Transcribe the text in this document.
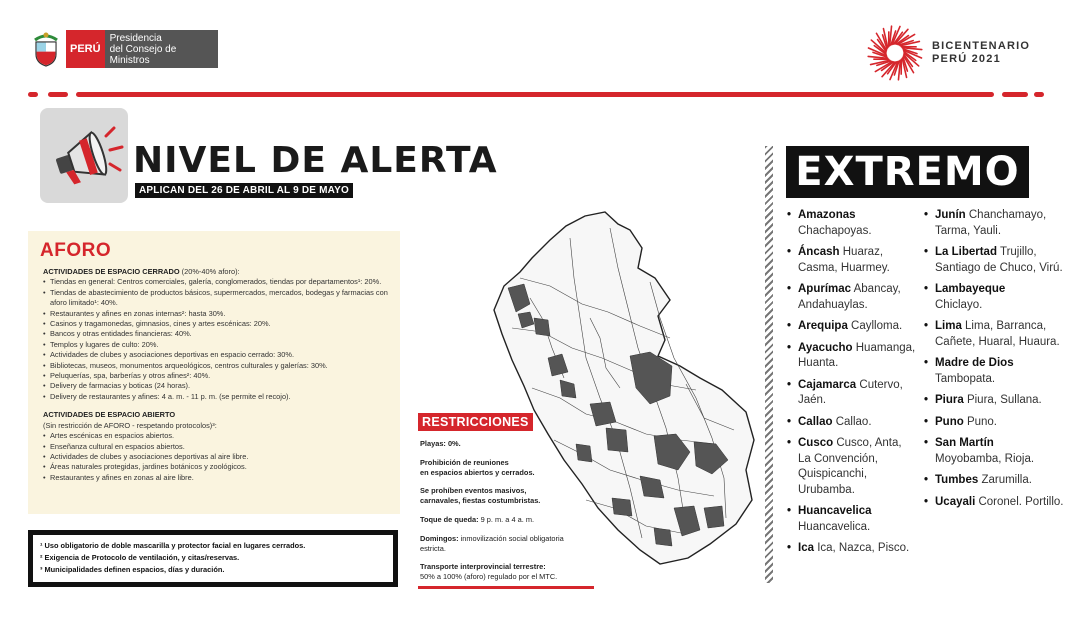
PERÚ
Presidencia
del Consejo de Ministros
BICENTENARIO
PERÚ 2021
NIVEL DE ALERTA
APLICAN DEL 26 DE ABRIL AL 9 DE MAYO
AFORO
ACTIVIDADES DE ESPACIO CERRADO (20%-40% aforo):
• Tiendas en general: Centros comerciales, galería, conglomerados, tiendas por departamentos¹: 20%.
• Tiendas de abastecimiento de productos básicos, supermercados, mercados, bodegas y farmacias con aforo limitado¹: 40%.
• Restaurantes y afines en zonas internas²: hasta 30%.
• Casinos y tragamonedas, gimnasios, cines y artes escénicas: 20%.
• Bancos y otras entidades financieras: 40%.
• Templos y lugares de culto: 20%.
• Actividades de clubes y asociaciones deportivas en espacio cerrado: 30%.
• Bibliotecas, museos, monumentos arqueológicos, centros culturales y galerías: 30%.
• Peluquerías, spa, barberías y otros afines²: 40%.
• Delivery de farmacias y boticas (24 horas).
• Delivery de restaurantes y afines: 4 a. m. - 11 p. m. (se permite el recojo).
ACTIVIDADES DE ESPACIO ABIERTO
(Sin restricción de AFORO - respetando protocolos)³:
• Artes escénicas en espacios abiertos.
• Enseñanza cultural en espacios abiertos.
• Actividades de clubes y asociaciones deportivas al aire libre.
• Áreas naturales protegidas, jardines botánicos y zoológicos.
• Restaurantes y afines en zonas al aire libre.
¹ Uso obligatorio de doble mascarilla y protector facial en lugares cerrados.
² Exigencia de Protocolo de ventilación, y citas/reservas.
³ Municipalidades definen espacios, días y duración.
RESTRICCIONES
Playas: 0%.
Prohibición de reuniones
en espacios abiertos y cerrados.
Se prohíben eventos masivos,
carnavales, fiestas costumbristas.
Toque de queda: 9 p. m. a 4 a. m.
Domingos: inmovilización social obligatoria estricta.
Transporte interprovincial terrestre:
50% a 100% (aforo) regulado por el MTC.
EXTREMO
• Amazonas
Chachapoyas.
• Áncash Huaraz, Casma, Huarmey.
• Apurímac Abancay, Andahuaylas.
• Arequipa Caylloma.
• Ayacucho Huamanga, Huanta.
• Cajamarca Cutervo, Jaén.
• Callao Callao.
• Cusco Cusco, Anta, La Convención, Quispicanchi, Urubamba.
• Huancavelica
Huancavelica.
• Ica Ica, Nazca, Pisco.
• Junín Chanchamayo, Tarma, Yauli.
• La Libertad Trujillo, Santiago de Chuco, Virú.
• Lambayeque
Chiclayo.
• Lima Lima, Barranca, Cañete, Huaral, Huaura.
• Madre de Dios
Tambopata.
• Piura Piura, Sullana.
• Puno Puno.
• San Martín
Moyobamba, Rioja.
• Tumbes Zarumilla.
• Ucayali Coronel. Portillo.
